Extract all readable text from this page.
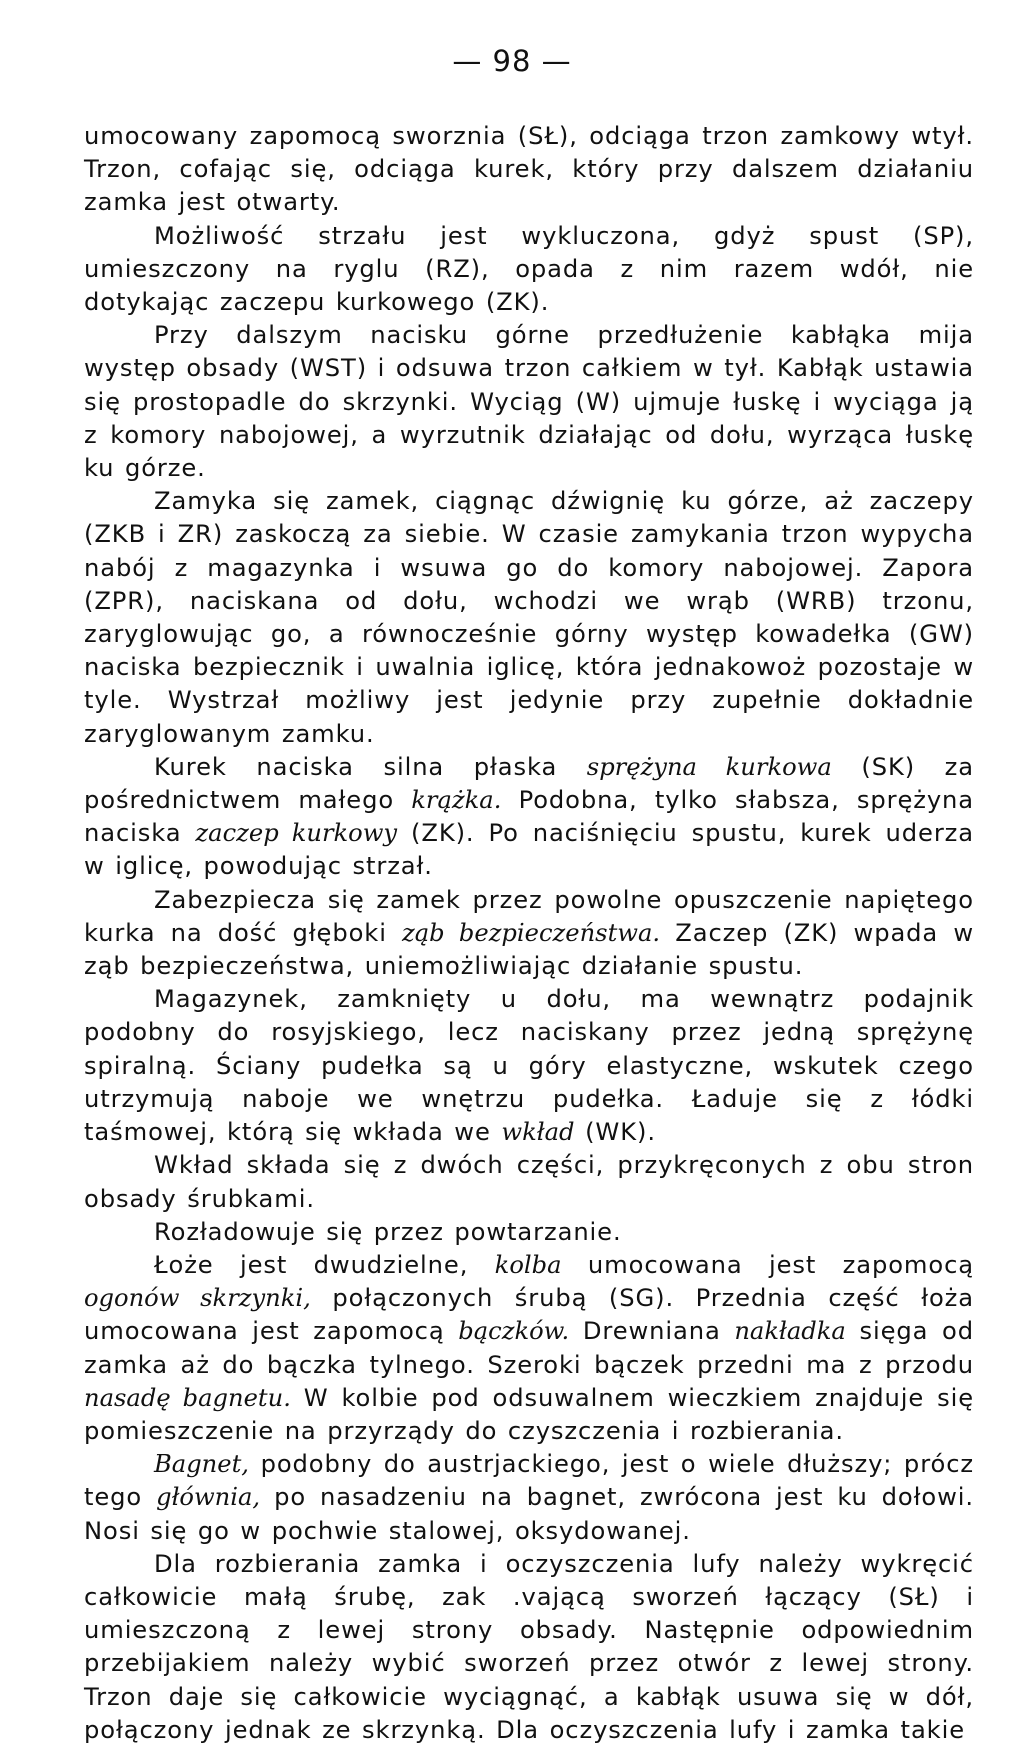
— 98 —

umocowany zapomocą sworznia (SŁ), odciąga trzon zamkowy wtył. Trzon, cofając się, odciąga kurek, który przy dalszem działaniu zamka jest otwarty.

Możliwość strzału jest wykluczona, gdyż spust (SP), umieszczony na ryglu (RZ), opada z nim razem wdół, nie dotykając zaczepu kurkowego (ZK).

Przy dalszym nacisku górne przedłużenie kabłąka mija występ obsady (WST) i odsuwa trzon całkiem w tył. Kabłąk ustawia się prostopadle do skrzynki. Wyciąg (W) ujmuje łuskę i wyciąga ją z komory nabojowej, a wyrzutnik działając od dołu, wyrząca łuskę ku górze.

Zamyka się zamek, ciągnąc dźwignię ku górze, aż zaczepy (ZKB i ZR) zaskoczą za siebie. W czasie zamykania trzon wypycha nabój z magazynka i wsuwa go do komory nabojowej. Zapora (ZPR), naciskana od dołu, wchodzi we wrąb (WRB) trzonu, zaryglowując go, a równocześnie górny występ kowadełka (GW) naciska bezpiecznik i uwalnia iglicę, która jednakowoż pozostaje w tyle. Wystrzał możliwy jest jedynie przy zupełnie dokładnie zaryglowanym zamku.

Kurek naciska silna płaska sprężyna kurkowa (SK) za pośrednictwem małego krążka. Podobna, tylko słabsza, sprężyna naciska zaczep kurkowy (ZK). Po naciśnięciu spustu, kurek uderza w iglicę, powodując strzał.

Zabezpiecza się zamek przez powolne opuszczenie napiętego kurka na dość głęboki ząb bezpieczeństwa. Zaczep (ZK) wpada w ząb bezpieczeństwa, uniemożliwiając działanie spustu.

Magazynek, zamknięty u dołu, ma wewnątrz podajnik podobny do rosyjskiego, lecz naciskany przez jedną sprężynę spiralną. Ściany pudełka są u góry elastyczne, wskutek czego utrzymują naboje we wnętrzu pudełka. Ładuje się z łódki taśmowej, którą się wkłada we wkład (WK).

Wkład składa się z dwóch części, przykręconych z obu stron obsady śrubkami.

Rozładowuje się przez powtarzanie.

Łoże jest dwudzielne, kolba umocowana jest zapomocą ogonów skrzynki, połączonych śrubą (SG). Przednia część łoża umocowana jest zapomocą bączków. Drewniana nakładka sięga od zamka aż do bączka tylnego. Szeroki bączek przedni ma z przodu nasadę bagnetu. W kolbie pod odsuwalnem wieczkiem znajduje się pomieszczenie na przyrządy do czyszczenia i rozbierania.

Bagnet, podobny do austrjackiego, jest o wiele dłuższy; prócz tego głównia, po nasadzeniu na bagnet, zwrócona jest ku dołowi. Nosi się go w pochwie stalowej, oksydowanej.

Dla rozbierania zamka i oczyszczenia lufy należy wykręcić całkowicie małą śrubę, zak .vającą sworzeń łączący (SŁ) i umieszczoną z lewej strony obsady. Następnie odpowiednim przebijakiem należy wybić sworzeń przez otwór z lewej strony. Trzon daje się całkowicie wyciągnąć, a kabłąk usuwa się w dół, połączony jednak ze skrzynką. Dla oczyszczenia lufy i zamka takie
